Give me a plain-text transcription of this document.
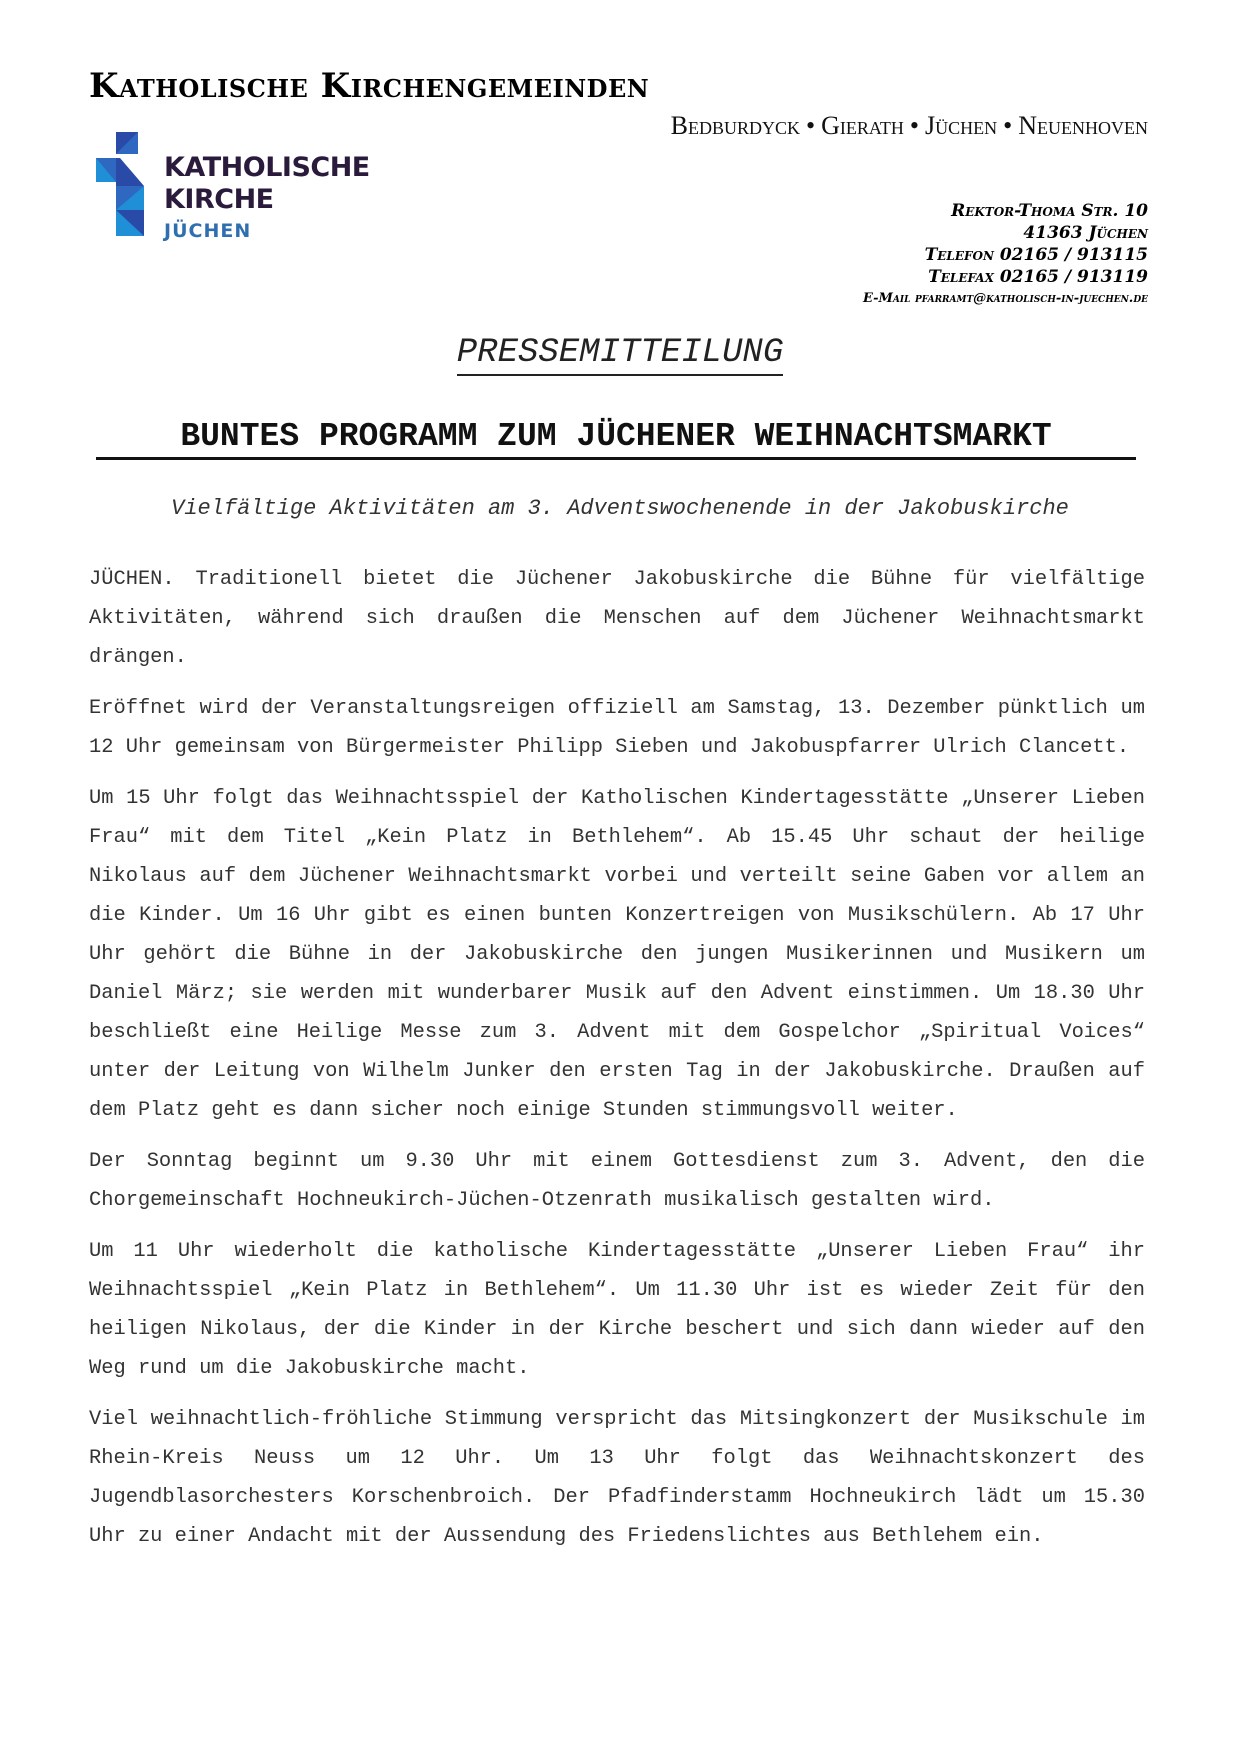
Katholische Kirchengemeinden
Bedburdyck • Gierath • Jüchen • Neuenhoven
KATHOLISCHE
KIRCHE
JÜCHEN
Rektor-Thoma Str. 10
41363 Jüchen
Telefon 02165 / 913115
Telefax 02165 / 913119
E-Mail pfarramt@katholisch-in-juechen.de
PRESSEMITTEILUNG
BUNTES PROGRAMM ZUM JÜCHENER WEIHNACHTSMARKT
Vielfältige Aktivitäten am 3. Adventswochenende in der Jakobuskirche

JÜCHEN. Traditionell bietet die Jüchener Jakobuskirche die Bühne für vielfältige Aktivitäten, während sich draußen die Menschen auf dem Jüchener Weihnachtsmarkt drängen.

Eröffnet wird der Veranstaltungsreigen offiziell am Samstag, 13. Dezember pünktlich um 12 Uhr gemeinsam von Bürgermeister Philipp Sieben und Jakobuspfarrer Ulrich Clancett.

Um 15 Uhr folgt das Weihnachtsspiel der Katholischen Kindertagesstätte „Unserer Lieben Frau“ mit dem Titel „Kein Platz in Bethlehem“. Ab 15.45 Uhr schaut der heilige Nikolaus auf dem Jüchener Weihnachtsmarkt vorbei und verteilt seine Gaben vor allem an die Kinder. Um 16 Uhr gibt es einen bunten Konzertreigen von Musikschülern. Ab 17 Uhr Uhr gehört die Bühne in der Jakobuskirche den jungen Musikerinnen und Musikern um Daniel März; sie werden mit wunderbarer Musik auf den Advent einstimmen. Um 18.30 Uhr beschließt eine Heilige Messe zum 3. Advent mit dem Gospelchor „Spiritual Voices“ unter der Leitung von Wilhelm Junker den ersten Tag in der Jakobuskirche. Draußen auf dem Platz geht es dann sicher noch einige Stunden stimmungsvoll weiter.

Der Sonntag beginnt um 9.30 Uhr mit einem Gottesdienst zum 3. Advent, den die Chorgemeinschaft Hochneukirch-Jüchen-Otzenrath musikalisch gestalten wird.

Um 11 Uhr wiederholt die katholische Kindertagesstätte „Unserer Lieben Frau“ ihr Weihnachtsspiel „Kein Platz in Bethlehem“. Um 11.30 Uhr ist es wieder Zeit für den heiligen Nikolaus, der die Kinder in der Kirche beschert und sich dann wieder auf den Weg rund um die Jakobuskirche macht.

Viel weihnachtlich-fröhliche Stimmung verspricht das Mitsingkonzert der Musikschule im Rhein-Kreis Neuss um 12 Uhr. Um 13 Uhr folgt das Weihnachtskonzert des Jugendblasorchesters Korschenbroich. Der Pfadfinderstamm Hochneukirch lädt um 15.30 Uhr zu einer Andacht mit der Aussendung des Friedenslichtes aus Bethlehem ein.
